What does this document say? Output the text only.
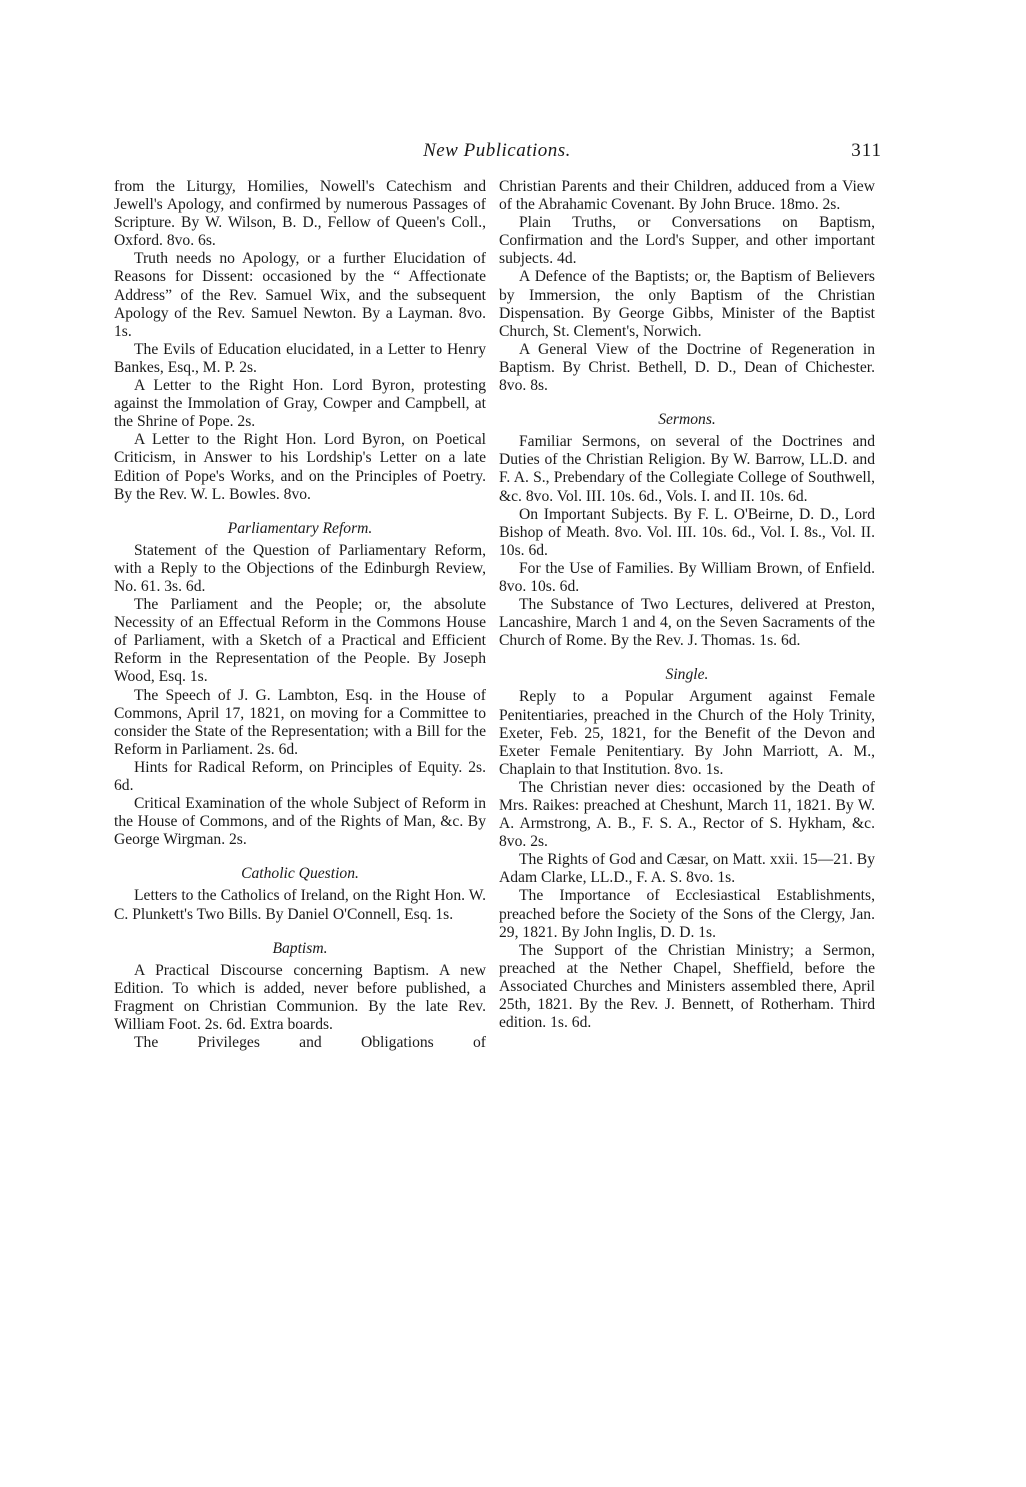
New Publications.	311

from the Liturgy, Homilies, Nowell's Catechism and Jewell's Apology, and confirmed by numerous Passages of Scripture. By W. Wilson, B. D., Fellow of Queen's Coll., Oxford. 8vo. 6s.

Truth needs no Apology, or a further Elucidation of Reasons for Dissent: occasioned by the “ Affectionate Address” of the Rev. Samuel Wix, and the subsequent Apology of the Rev. Samuel Newton. By a Layman. 8vo. 1s.

The Evils of Education elucidated, in a Letter to Henry Bankes, Esq., M. P. 2s.

A Letter to the Right Hon. Lord Byron, protesting against the Immolation of Gray, Cowper and Campbell, at the Shrine of Pope. 2s.

A Letter to the Right Hon. Lord Byron, on Poetical Criticism, in Answer to his Lordship's Letter on a late Edition of Pope's Works, and on the Principles of Poetry. By the Rev. W. L. Bowles. 8vo.

Parliamentary Reform.

Statement of the Question of Parliamentary Reform, with a Reply to the Objections of the Edinburgh Review, No. 61. 3s. 6d.

The Parliament and the People; or, the absolute Necessity of an Effectual Reform in the Commons House of Parliament, with a Sketch of a Practical and Efficient Reform in the Representation of the People. By Joseph Wood, Esq. 1s.

The Speech of J. G. Lambton, Esq. in the House of Commons, April 17, 1821, on moving for a Committee to consider the State of the Representation; with a Bill for the Reform in Parliament. 2s. 6d.

Hints for Radical Reform, on Principles of Equity. 2s. 6d.

Critical Examination of the whole Subject of Reform in the House of Commons, and of the Rights of Man, &c. By George Wirgman. 2s.

Catholic Question.

Letters to the Catholics of Ireland, on the Right Hon. W. C. Plunkett's Two Bills. By Daniel O'Connell, Esq. 1s.

Baptism.

A Practical Discourse concerning Baptism. A new Edition. To which is added, never before published, a Fragment on Christian Communion. By the late Rev. William Foot. 2s. 6d. Extra boards.

The Privileges and Obligations of

Christian Parents and their Children, adduced from a View of the Abrahamic Covenant. By John Bruce. 18mo. 2s.

Plain Truths, or Conversations on Baptism, Confirmation and the Lord's Supper, and other important subjects. 4d.

A Defence of the Baptists; or, the Baptism of Believers by Immersion, the only Baptism of the Christian Dispensation. By George Gibbs, Minister of the Baptist Church, St. Clement's, Norwich.

A General View of the Doctrine of Regeneration in Baptism. By Christ. Bethell, D. D., Dean of Chichester. 8vo. 8s.

Sermons.

Familiar Sermons, on several of the Doctrines and Duties of the Christian Religion. By W. Barrow, LL.D. and F. A. S., Prebendary of the Collegiate College of Southwell, &c. 8vo. Vol. III. 10s. 6d., Vols. I. and II. 10s. 6d.

On Important Subjects. By F. L. O'Beirne, D. D., Lord Bishop of Meath. 8vo. Vol. III. 10s. 6d., Vol. I. 8s., Vol. II. 10s. 6d.

For the Use of Families. By William Brown, of Enfield. 8vo. 10s. 6d.

The Substance of Two Lectures, delivered at Preston, Lancashire, March 1 and 4, on the Seven Sacraments of the Church of Rome. By the Rev. J. Thomas. 1s. 6d.

Single.

Reply to a Popular Argument against Female Penitentiaries, preached in the Church of the Holy Trinity, Exeter, Feb. 25, 1821, for the Benefit of the Devon and Exeter Female Penitentiary. By John Marriott, A. M., Chaplain to that Institution. 8vo. 1s.

The Christian never dies: occasioned by the Death of Mrs. Raikes: preached at Cheshunt, March 11, 1821. By W. A. Armstrong, A. B., F. S. A., Rector of S. Hykham, &c. 8vo. 2s.

The Rights of God and Cæsar, on Matt. xxii. 15—21. By Adam Clarke, LL.D., F. A. S. 8vo. 1s.

The Importance of Ecclesiastical Establishments, preached before the Society of the Sons of the Clergy, Jan. 29, 1821. By John Inglis, D. D. 1s.

The Support of the Christian Ministry; a Sermon, preached at the Nether Chapel, Sheffield, before the Associated Churches and Ministers assembled there, April 25th, 1821. By the Rev. J. Bennett, of Rotherham. Third edition. 1s. 6d.
